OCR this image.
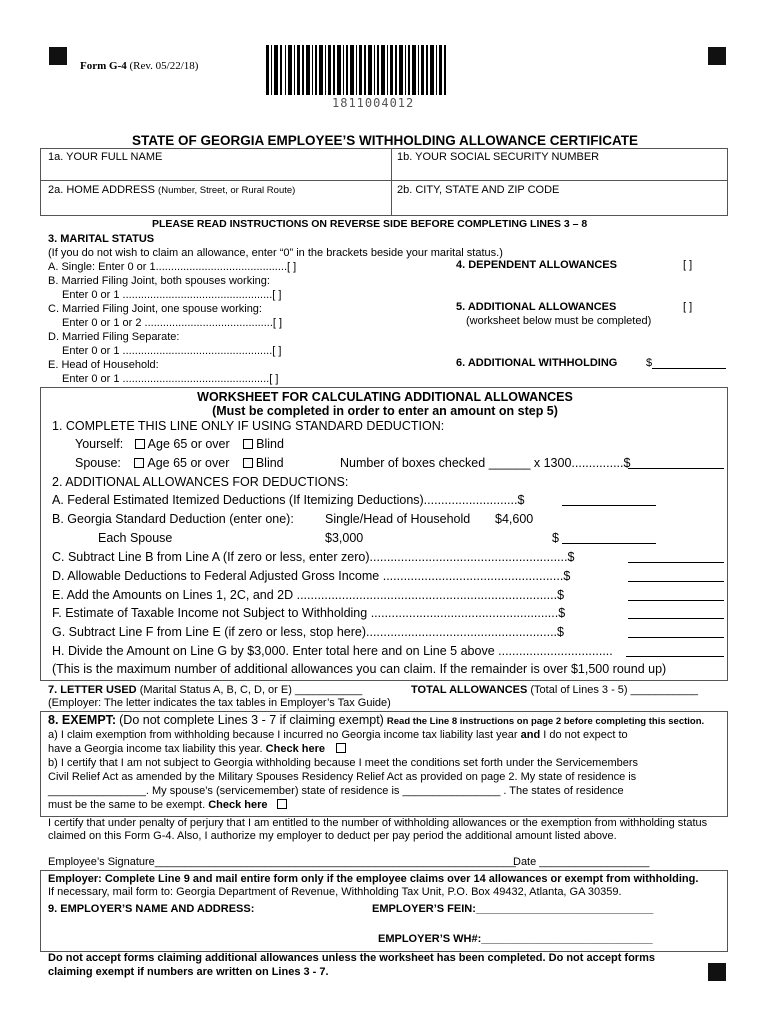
Form G-4 (Rev. 05/22/18)
1811004012
STATE OF GEORGIA EMPLOYEE’S WITHHOLDING ALLOWANCE CERTIFICATE
1a. YOUR FULL NAME	1b. YOUR SOCIAL SECURITY NUMBER
2a. HOME ADDRESS (Number, Street, or Rural Route)	2b. CITY, STATE AND ZIP CODE
PLEASE READ INSTRUCTIONS ON REVERSE SIDE BEFORE COMPLETING LINES 3 – 8
3. MARITAL STATUS
(If you do not wish to claim an allowance, enter “0” in the brackets beside your marital status.)
A. Single: Enter 0 or 1...........................................[ ]
B. Married Filing Joint, both spouses working:
Enter 0 or 1 .................................................[ ]
C. Married Filing Joint, one spouse working:
Enter 0 or 1 or 2 ..........................................[ ]
D. Married Filing Separate:
Enter 0 or 1 .................................................[ ]
E. Head of Household:
Enter 0 or 1 ................................................[ ]
4. DEPENDENT ALLOWANCES	[ ]
5. ADDITIONAL ALLOWANCES	[ ]
(worksheet below must be completed)
6. ADDITIONAL WITHHOLDING	$
WORKSHEET FOR CALCULATING ADDITIONAL ALLOWANCES
(Must be completed in order to enter an amount on step 5)
1. COMPLETE THIS LINE ONLY IF USING STANDARD DEDUCTION:
Yourself: Age 65 or over Blind
Spouse: Age 65 or over Blind	Number of boxes checked ______ x 1300...............$
2. ADDITIONAL ALLOWANCES FOR DEDUCTIONS:
A. Federal Estimated Itemized Deductions (If Itemizing Deductions)...........................$
B. Georgia Standard Deduction (enter one): Single/Head of Household $4,600
Each Spouse	$3,000	$
C. Subtract Line B from Line A (If zero or less, enter zero).........................................................$
D. Allowable Deductions to Federal Adjusted Gross Income ....................................................$
E. Add the Amounts on Lines 1, 2C, and 2D ...........................................................................$
F. Estimate of Taxable Income not Subject to Withholding ......................................................$
G. Subtract Line F from Line E (if zero or less, stop here).......................................................$
H. Divide the Amount on Line G by $3,000. Enter total here and on Line 5 above .................................
(This is the maximum number of additional allowances you can claim. If the remainder is over $1,500 round up)
7. LETTER USED (Marital Status A, B, C, D, or E) ___________	TOTAL ALLOWANCES (Total of Lines 3 - 5) ___________
(Employer: The letter indicates the tax tables in Employer’s Tax Guide)
8. EXEMPT: (Do not complete Lines 3 - 7 if claiming exempt) Read the Line 8 instructions on page 2 before completing this section.
a) I claim exemption from withholding because I incurred no Georgia income tax liability last year and I do not expect to
have a Georgia income tax liability this year. Check here
b) I certify that I am not subject to Georgia withholding because I meet the conditions set forth under the Servicemembers
Civil Relief Act as amended by the Military Spouses Residency Relief Act as provided on page 2. My state of residence is
________________. My spouse’s (servicemember) state of residence is ________________ . The states of residence
must be the same to be exempt. Check here
I certify that under penalty of perjury that I am entitled to the number of withholding allowances or the exemption from withholding status
claimed on this Form G-4. Also, I authorize my employer to deduct per pay period the additional amount listed above.
Employee’s Signature___________________________________________________________
Date __________________
Employer: Complete Line 9 and mail entire form only if the employee claims over 14 allowances or exempt from withholding.
If necessary, mail form to: Georgia Department of Revenue, Withholding Tax Unit, P.O. Box 49432, Atlanta, GA 30359.
9. EMPLOYER’S NAME AND ADDRESS:	EMPLOYER’S FEIN:_____________________________
EMPLOYER’S WH#:____________________________
Do not accept forms claiming additional allowances unless the worksheet has been completed. Do not accept forms
claiming exempt if numbers are written on Lines 3 - 7.
